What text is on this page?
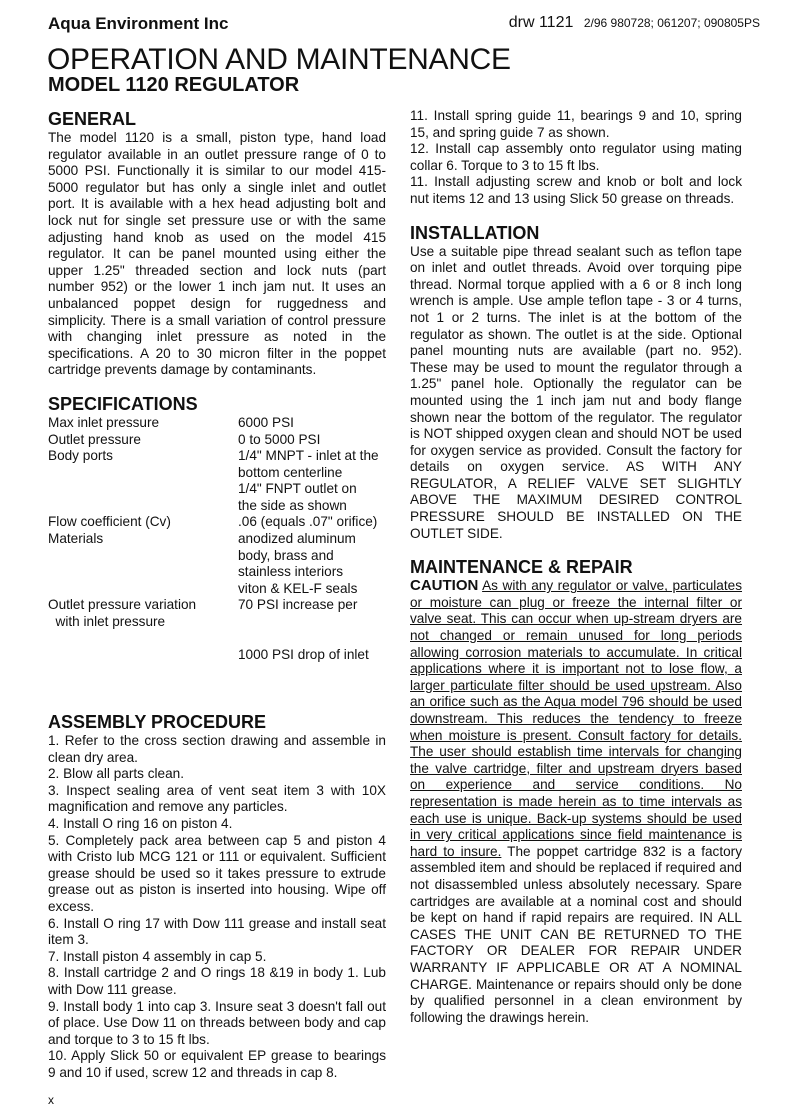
Aqua Environment Inc	drw 1121 2/96 980728; 061207; 090805PS
OPERATION AND MAINTENANCE
MODEL 1120 REGULATOR
GENERAL

The model 1120 is a small, piston type, hand load regulator available in an outlet pressure range of 0 to 5000 PSI. Functionally it is similar to our model 415-5000 regulator but has only a single inlet and outlet port. It is available with a hex head adjusting bolt and lock nut for single set pressure use or with the same adjusting hand knob as used on the model 415 regulator. It can be panel mounted using either the upper 1.25" threaded section and lock nuts (part number 952) or the lower 1 inch jam nut. It uses an unbalanced poppet design for ruggedness and simplicity. There is a small variation of control pressure with changing inlet pressure as noted in the specifications. A 20 to 30 micron filter in the poppet cartridge prevents damage by contaminants.

SPECIFICATIONS
Max inlet pressure	6000 PSI
Outlet pressure	0 to 5000 PSI
Body ports	1/4" MNPT - inlet at the
bottom centerline
1/4" FNPT outlet on
the side as shown
Flow coefficient (Cv)	.06 (equals .07" orifice)
Materials	anodized aluminum
body, brass and
stainless interiors
viton & KEL-F seals
Outlet pressure variation	70 PSI increase per
with inlet pressure

1000 PSI drop of inlet

ASSEMBLY PROCEDURE

1. Refer to the cross section drawing and assemble in clean dry area.

2. Blow all parts clean.

3. Inspect sealing area of vent seat item 3 with 10X magnification and remove any particles.

4. Install O ring 16 on piston 4.

5. Completely pack area between cap 5 and piston 4 with Cristo lub MCG 121 or 111 or equivalent. Sufficient grease should be used so it takes pressure to extrude grease out as piston is inserted into housing. Wipe off excess.

6. Install O ring 17 with Dow 111 grease and install seat item 3.

7. Install piston 4 assembly in cap 5.

8. Install cartridge 2 and O rings 18 &19 in body 1. Lub with Dow 111 grease.

9. Install body 1 into cap 3. Insure seat 3 doesn't fall out of place. Use Dow 11 on threads between body and cap and torque to 3 to 15 ft lbs.

10. Apply Slick 50 or equivalent EP grease to bearings 9 and 10 if used, screw 12 and threads in cap 8.

x

11. Install spring guide 11, bearings 9 and 10, spring 15, and spring guide 7 as shown.

12. Install cap assembly onto regulator using mating collar 6. Torque to 3 to 15 ft lbs.

11. Install adjusting screw and knob or bolt and lock nut items 12 and 13 using Slick 50 grease on threads.

INSTALLATION

Use a suitable pipe thread sealant such as teflon tape on inlet and outlet threads. Avoid over torquing pipe thread. Normal torque applied with a 6 or 8 inch long wrench is ample. Use ample teflon tape - 3 or 4 turns, not 1 or 2 turns. The inlet is at the bottom of the regulator as shown. The outlet is at the side. Optional panel mounting nuts are available (part no. 952). These may be used to mount the regulator through a 1.25" panel hole. Optionally the regulator can be mounted using the 1 inch jam nut and body flange shown near the bottom of the regulator. The regulator is NOT shipped oxygen clean and should NOT be used for oxygen service as provided. Consult the factory for details on oxygen service. AS WITH ANY REGULATOR, A RELIEF VALVE SET SLIGHTLY ABOVE THE MAXIMUM DESIRED CONTROL PRESSURE SHOULD BE INSTALLED ON THE OUTLET SIDE.

MAINTENANCE & REPAIR

CAUTION As with any regulator or valve, particulates or moisture can plug or freeze the internal filter or valve seat. This can occur when up-stream dryers are not changed or remain unused for long periods allowing corrosion materials to accumulate. In critical applications where it is important not to lose flow, a larger particulate filter should be used upstream. Also an orifice such as the Aqua model 796 should be used downstream. This reduces the tendency to freeze when moisture is present. Consult factory for details. The user should establish time intervals for changing the valve cartridge, filter and upstream dryers based on experience and service conditions. No representation is made herein as to time intervals as each use is unique. Back-up systems should be used in very critical applications since field maintenance is hard to insure. The poppet cartridge 832 is a factory assembled item and should be replaced if required and not disassembled unless absolutely necessary. Spare cartridges are available at a nominal cost and should be kept on hand if rapid repairs are required. IN ALL CASES THE UNIT CAN BE RETURNED TO THE FACTORY OR DEALER FOR REPAIR UNDER WARRANTY IF APPLICABLE OR AT A NOMINAL CHARGE. Maintenance or repairs should only be done by qualified personnel in a clean environment by following the drawings herein.
